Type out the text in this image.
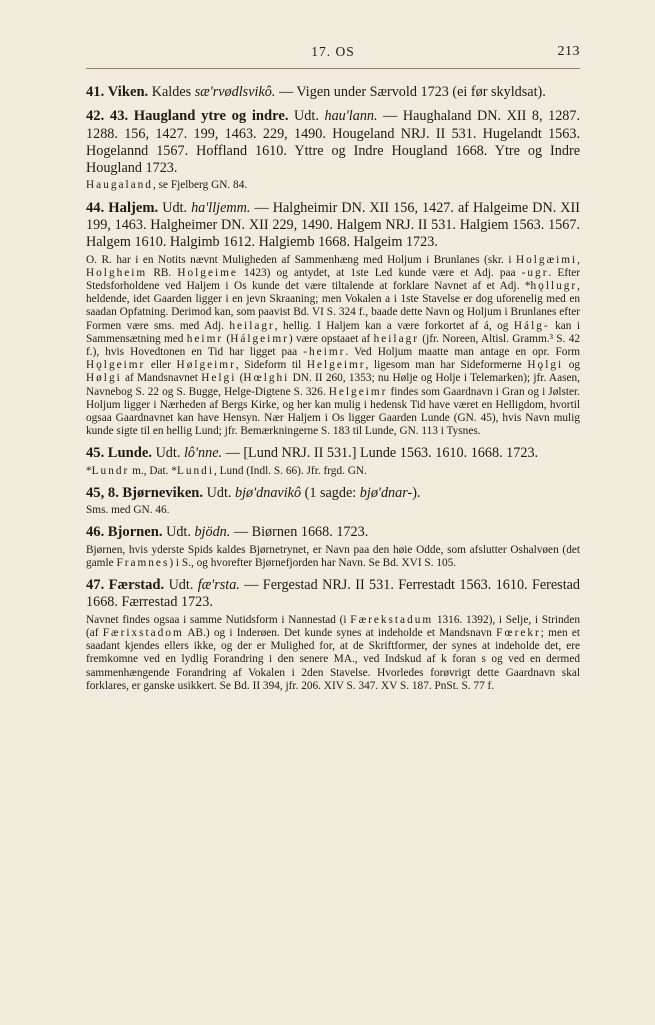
17. OS	213

41. Viken. Kaldes sæ'rvødlsvikô. — Vigen under Særvold 1723 (ei før skyldsat).

42. 43. Haugland ytre og indre. Udt. hau'lann. — Haughaland DN. XII 8, 1287. 1288. 156, 1427. 199, 1463. 229, 1490. Hougeland NRJ. II 531. Hugelandt 1563. Hogelannd 1567. Hoffland 1610. Yttre og Indre Hougland 1668. Ytre og Indre Hougland 1723.

Haugaland, se Fjelberg GN. 84.

44. Haljem. Udt. ha'lljemm. — Halgheimir DN. XII 156, 1427. af Halgeime DN. XII 199, 1463. Halgheimer DN. XII 229, 1490. Halgem NRJ. II 531. Halgiem 1563. 1567. Halgem 1610. Halgimb 1612. Halgiemb 1668. Halgeim 1723.

O. R. har i en Notits nævnt Muligheden af Sammenhæng med Holjum i Brunlanes (skr. i Holgæimi, Holgheim RB. Holgeime 1423) og antydet, at 1ste Led kunde være et Adj. paa -ugr. Efter Stedsforholdene ved Haljem i Os kunde det være tiltalende at forklare Navnet af et Adj. *hǫllugr, heldende, idet Gaarden ligger i en jevn Skraaning; men Vokalen a i 1ste Stavelse er dog uforenelig med en saadan Opfatning. Derimod kan, som paavist Bd. VI S. 324 f., baade dette Navn og Holjum i Brunlanes efter Formen være sms. med Adj. heilagr, hellig. I Haljem kan a være forkortet af á, og Hálg- kan i Sammensætning med heimr (Hálgeimr) være opstaaet af heilagr (jfr. Noreen, Altisl. Gramm.³ S. 42 f.), hvis Hovedtonen en Tid har ligget paa -heimr. Ved Holjum maatte man antage en opr. Form Hǫlgeimr eller Hølgeimr, Sideform til Helgeimr, ligesom man har Sideformerne Hǫlgi og Hølgi af Mandsnavnet Helgi (Hœlghi DN. II 260, 1353; nu Hølje og Holje i Telemarken); jfr. Aasen, Navnebog S. 22 og S. Bugge, Helge-Digtene S. 326. Helgeimr findes som Gaardnavn i Gran og i Jølster. Holjum ligger i Nærheden af Bergs Kirke, og her kan mulig i hedensk Tid have været en Helligdom, hvortil ogsaa Gaardnavnet kan have Hensyn. Nær Haljem i Os ligger Gaarden Lunde (GN. 45), hvis Navn mulig kunde sigte til en hellig Lund; jfr. Bemærkningerne S. 183 til Lunde, GN. 113 i Tysnes.

45. Lunde. Udt. lô'nne. — [Lund NRJ. II 531.] Lunde 1563. 1610. 1668. 1723.

*Lundr m., Dat. *Lundi, Lund (Indl. S. 66). Jfr. frgd. GN.

45, 8. Bjørneviken. Udt. bjø'dnavikô (1 sagde: bjø'dnar-).

Sms. med GN. 46.

46. Bjornen. Udt. bjödn. — Biørnen 1668. 1723.

Bjørnen, hvis yderste Spids kaldes Bjørnetrynet, er Navn paa den høie Odde, som afslutter Oshalvøen (det gamle Framnes) i S., og hvorefter Bjørnefjorden har Navn. Se Bd. XVI S. 105.

47. Færstad. Udt. fæ'rsta. — Fergestad NRJ. II 531. Ferrestadt 1563. 1610. Ferestad 1668. Færrestad 1723.

Navnet findes ogsaa i samme Nutidsform i Nannestad (i Færekstadum 1316. 1392), i Selje, i Strinden (af Færixstadom AB.) og i Inderøen. Det kunde synes at indeholde et Mandsnavn Fœrekr; men et saadant kjendes ellers ikke, og der er Mulighed for, at de Skriftformer, der synes at indeholde det, ere fremkomne ved en lydlig Forandring i den senere MA., ved Indskud af k foran s og ved en dermed sammenhængende Forandring af Vokalen i 2den Stavelse. Hvorledes forøvrigt dette Gaardnavn skal forklares, er ganske usikkert. Se Bd. II 394, jfr. 206. XIV S. 347. XV S. 187. PnSt. S. 77 f.
